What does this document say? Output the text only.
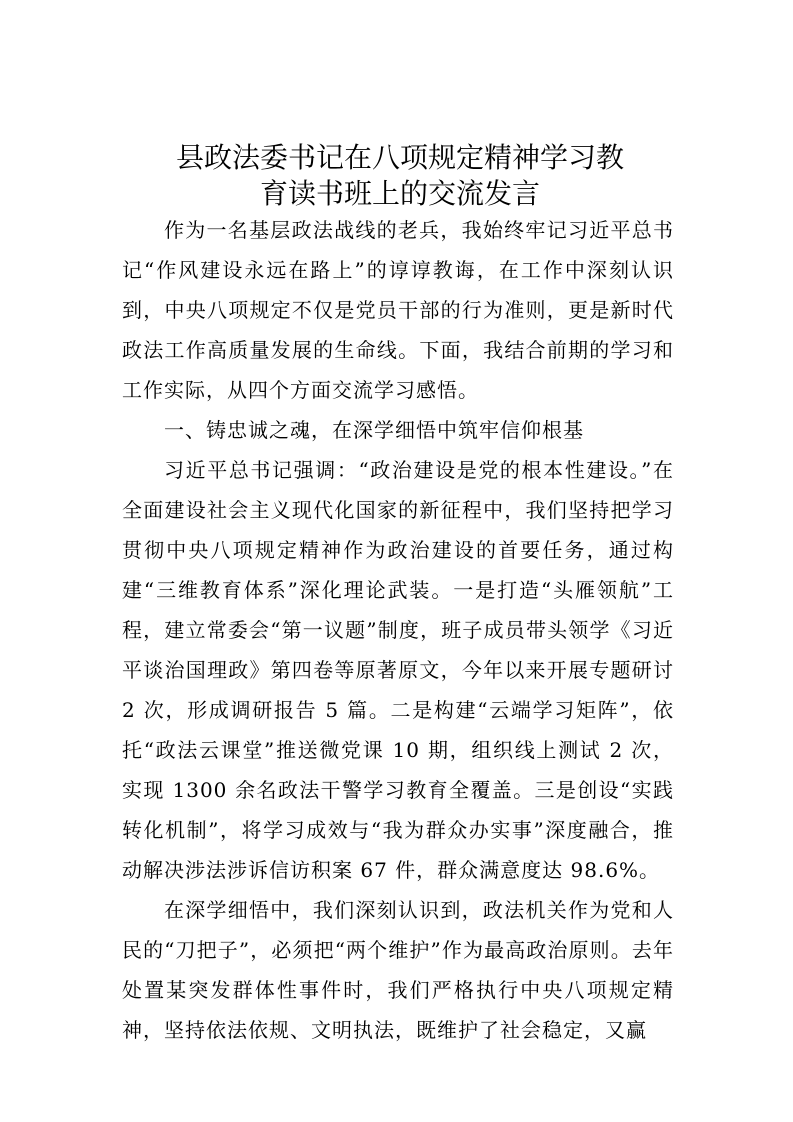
县政法委书记在八项规定精神学习教
育读书班上的交流发言

作为一名基层政法战线的老兵，我始终牢记习近平总书记“作风建设永远在路上”的谆谆教诲，在工作中深刻认识到，中央八项规定不仅是党员干部的行为准则，更是新时代政法工作高质量发展的生命线。下面，我结合前期的学习和工作实际，从四个方面交流学习感悟。

一、铸忠诚之魂，在深学细悟中筑牢信仰根基

习近平总书记强调：“政治建设是党的根本性建设。”在全面建设社会主义现代化国家的新征程中，我们坚持把学习贯彻中央八项规定精神作为政治建设的首要任务，通过构建“三维教育体系”深化理论武装。一是打造“头雁领航”工程，建立常委会“第一议题”制度，班子成员带头领学《习近平谈治国理政》第四卷等原著原文，今年以来开展专题研讨 2 次，形成调研报告 5 篇。二是构建“云端学习矩阵”，依托“政法云课堂”推送微党课 10 期，组织线上测试 2 次，实现 1300 余名政法干警学习教育全覆盖。三是创设“实践转化机制”，将学习成效与“我为群众办实事”深度融合，推动解决涉法涉诉信访积案 67 件，群众满意度达 98.6%。

在深学细悟中，我们深刻认识到，政法机关作为党和人民的“刀把子”，必须把“两个维护”作为最高政治原则。去年处置某突发群体性事件时，我们严格执行中央八项规定精神，坚持依法依规、文明执法，既维护了社会稳定，又赢
